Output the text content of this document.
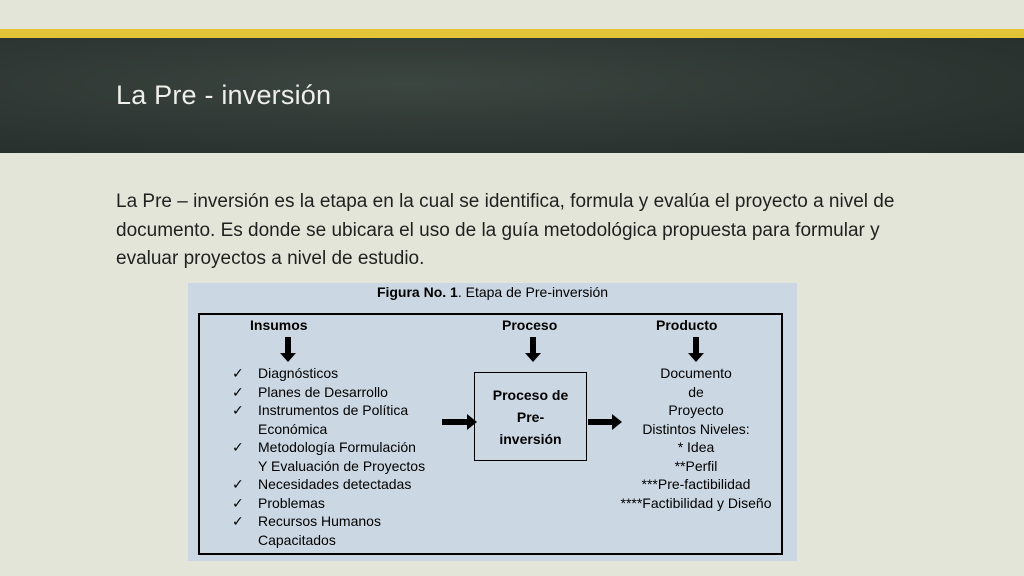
La Pre - inversión

La Pre – inversión es la etapa en la cual se identifica, formula y evalúa el proyecto a nivel de documento. Es donde se ubicara el uso de la guía metodológica propuesta para formular y evaluar proyectos a nivel de estudio.

Figura No. 1. Etapa de Pre-inversión
Insumos	Proceso	Producto
✓ Diagnósticos
✓ Planes de Desarrollo
✓ Instrumentos de Política
Económica
✓ Metodología Formulación
Y Evaluación de Proyectos
✓ Necesidades detectadas
✓ Problemas
✓ Recursos Humanos
Capacitados
Proceso de
Pre-
inversión
Documento
de
Proyecto
Distintos Niveles:
* Idea
**Perfil
***Pre-factibilidad
****Factibilidad y Diseño
